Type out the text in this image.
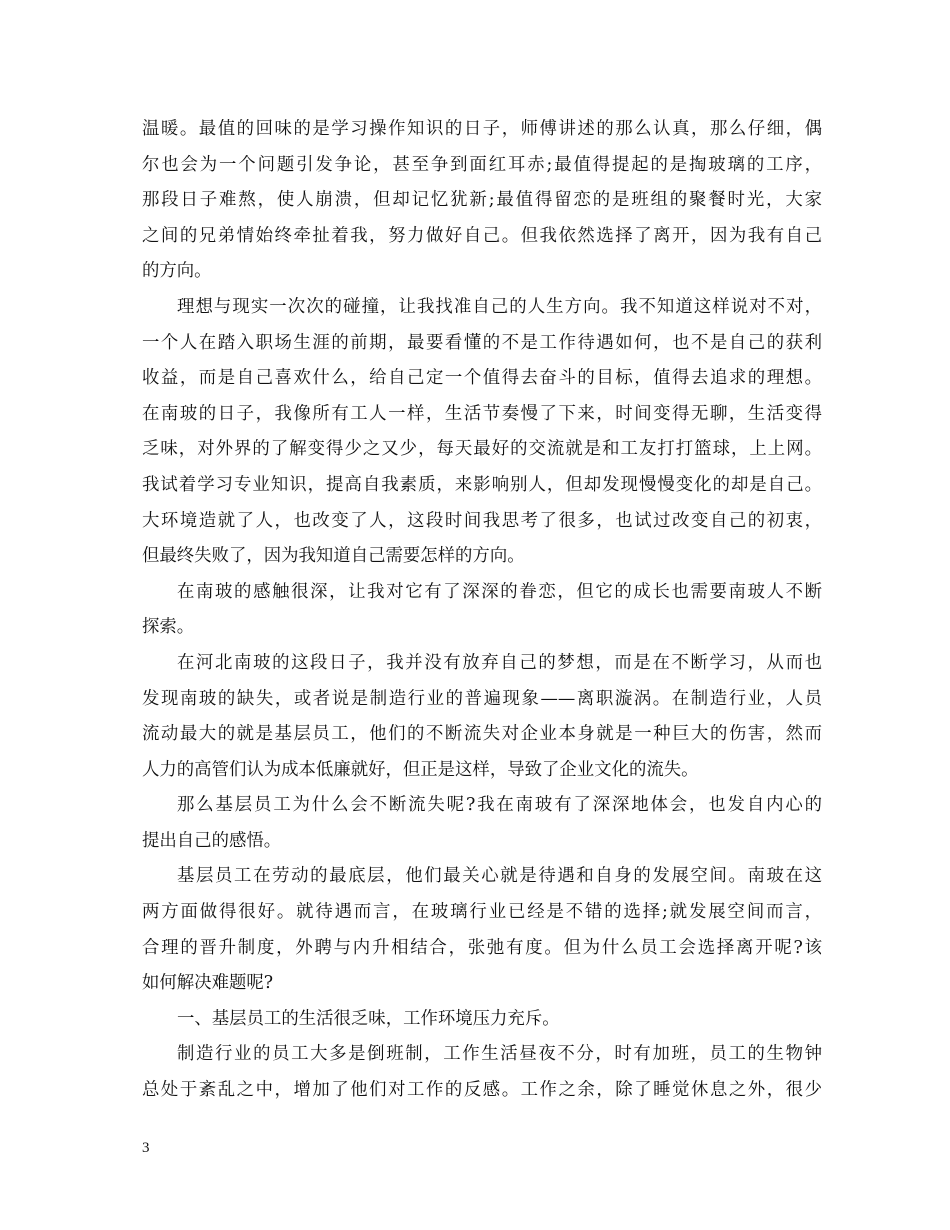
温暖。最值的回味的是学习操作知识的日子，师傅讲述的那么认真，那么仔细，偶
尔也会为一个问题引发争论，甚至争到面红耳赤;最值得提起的是掏玻璃的工序，
那段日子难熬，使人崩溃，但却记忆犹新;最值得留恋的是班组的聚餐时光，大家
之间的兄弟情始终牵扯着我，努力做好自己。但我依然选择了离开，因为我有自己
的方向。
理想与现实一次次的碰撞，让我找准自己的人生方向。我不知道这样说对不对，
一个人在踏入职场生涯的前期，最要看懂的不是工作待遇如何，也不是自己的获利
收益，而是自己喜欢什么，给自己定一个值得去奋斗的目标，值得去追求的理想。
在南玻的日子，我像所有工人一样，生活节奏慢了下来，时间变得无聊，生活变得
乏味，对外界的了解变得少之又少，每天最好的交流就是和工友打打篮球，上上网。
我试着学习专业知识，提高自我素质，来影响别人，但却发现慢慢变化的却是自己。
大环境造就了人，也改变了人，这段时间我思考了很多，也试过改变自己的初衷，
但最终失败了，因为我知道自己需要怎样的方向。
在南玻的感触很深，让我对它有了深深的眷恋，但它的成长也需要南玻人不断
探索。
在河北南玻的这段日子，我并没有放弃自己的梦想，而是在不断学习，从而也
发现南玻的缺失，或者说是制造行业的普遍现象——离职漩涡。在制造行业，人员
流动最大的就是基层员工，他们的不断流失对企业本身就是一种巨大的伤害，然而
人力的高管们认为成本低廉就好，但正是这样，导致了企业文化的流失。
那么基层员工为什么会不断流失呢?我在南玻有了深深地体会，也发自内心的
提出自己的感悟。
基层员工在劳动的最底层，他们最关心就是待遇和自身的发展空间。南玻在这
两方面做得很好。就待遇而言，在玻璃行业已经是不错的选择;就发展空间而言，
合理的晋升制度，外聘与内升相结合，张弛有度。但为什么员工会选择离开呢?该
如何解决难题呢?
一、基层员工的生活很乏味，工作环境压力充斥。
制造行业的员工大多是倒班制，工作生活昼夜不分，时有加班，员工的生物钟
总处于紊乱之中，增加了他们对工作的反感。工作之余，除了睡觉休息之外，很少
3
